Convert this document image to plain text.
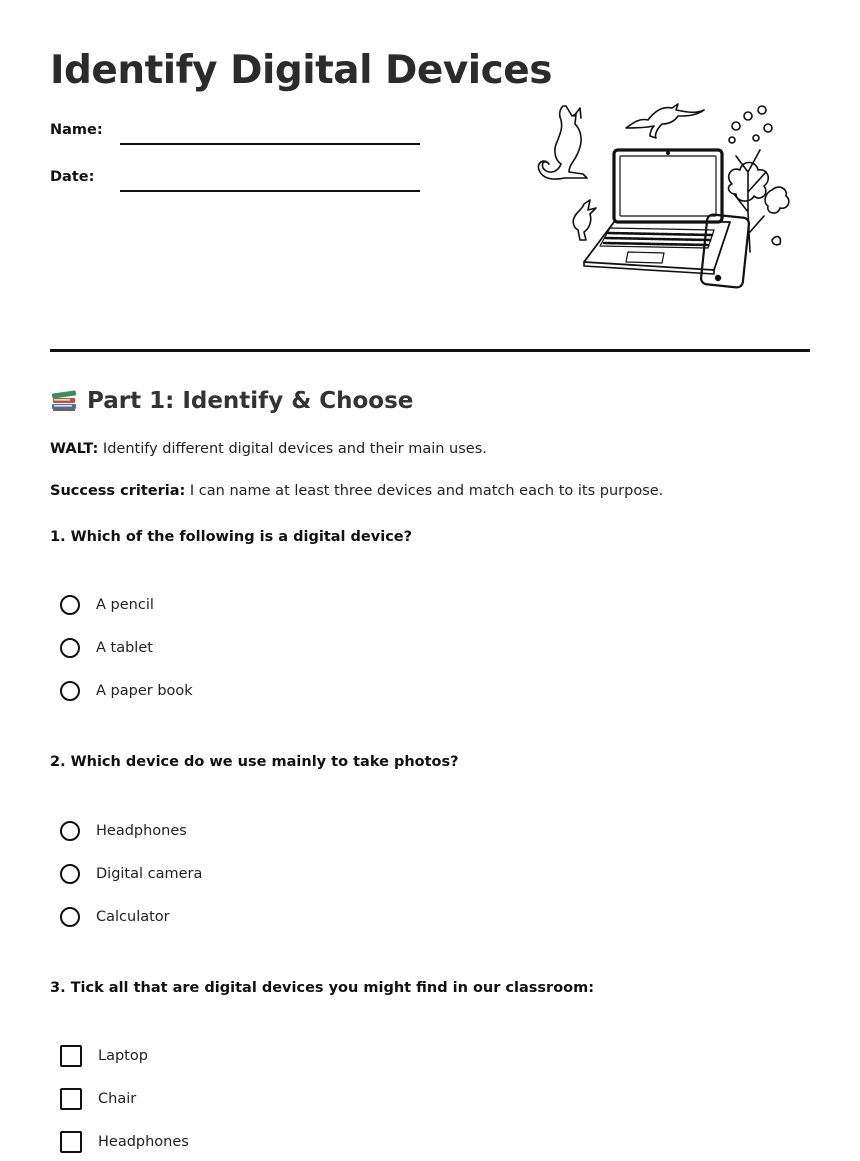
Identify Digital Devices
Name:
Date:
Part 1: Identify & Choose

WALT: Identify different digital devices and their main uses.

Success criteria: I can name at least three devices and match each to its purpose.

1. Which of the following is a digital device?

A pencil
A tablet
A paper book

2. Which device do we use mainly to take photos?

Headphones
Digital camera
Calculator

3. Tick all that are digital devices you might find in our classroom:

Laptop
Chair
Headphones
